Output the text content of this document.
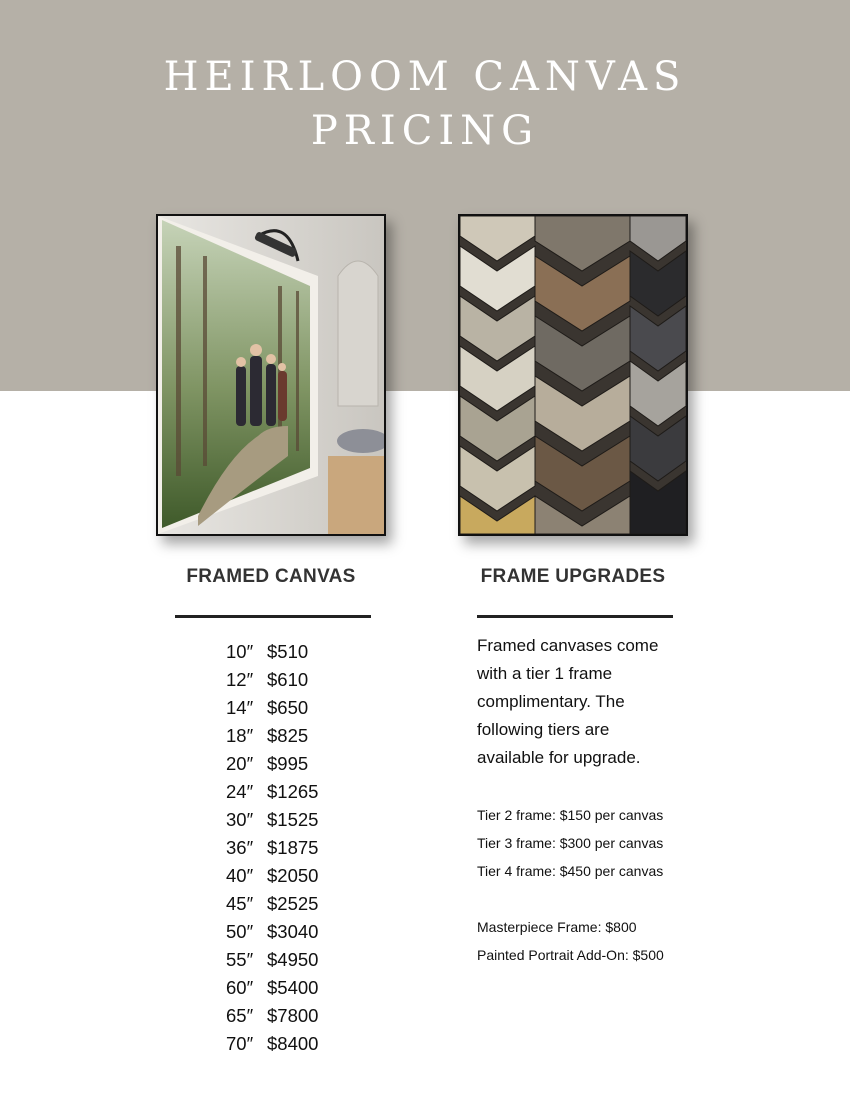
HEIRLOOM CANVAS
PRICING
FRAMED CANVAS	FRAME UPGRADES
10″ $510
12″ $610
14″ $650
18″ $825
20″ $995
24″ $1265
30″ $1525
36″ $1875
40″ $2050
45″ $2525
50″ $3040
55″ $4950
60″ $5400
65″ $7800
70″ $8400

Framed canvases come

with a tier 1 frame

complimentary. The

following tiers are

available for upgrade.

Tier 2 frame: $150 per canvas

Tier 3 frame: $300 per canvas

Tier 4 frame: $450 per canvas

Masterpiece Frame: $800

Painted Portrait Add-On: $500
